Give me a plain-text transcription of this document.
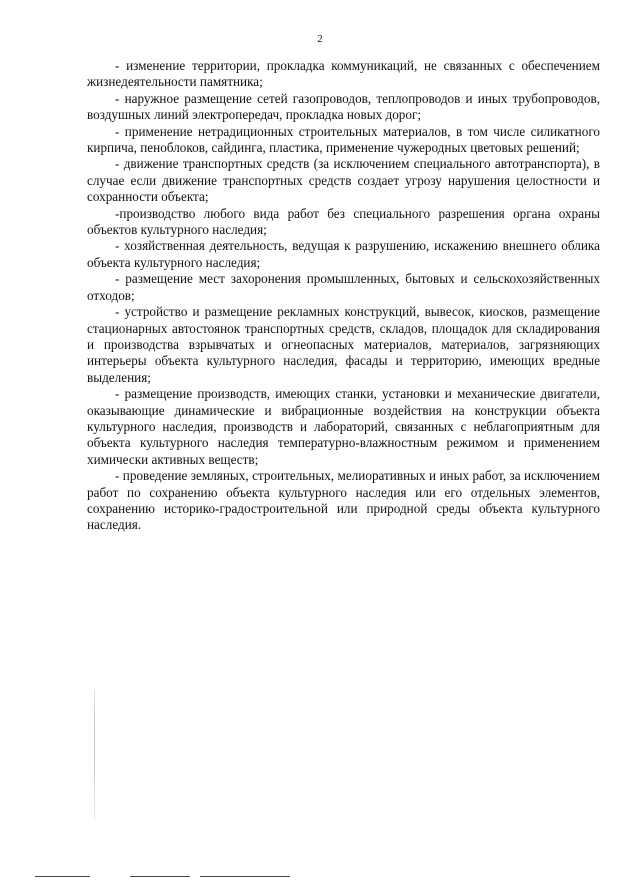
2

- изменение территории, прокладка коммуникаций, не связанных с обеспечением жизнедеятельности памятника;

- наружное размещение сетей газопроводов, теплопроводов и иных трубопроводов, воздушных линий электропередач, прокладка новых дорог;

- применение нетрадиционных строительных материалов, в том числе силикатного кирпича, пеноблоков, сайдинга, пластика, применение чужеродных цветовых решений;

- движение транспортных средств (за исключением специального автотранспорта), в случае если движение транспортных средств создает угрозу нарушения целостности и сохранности объекта;

-производство любого вида работ без специального разрешения органа охраны объектов культурного наследия;

- хозяйственная деятельность, ведущая к разрушению, искажению внешнего облика объекта культурного наследия;

- размещение мест захоронения промышленных, бытовых и сельскохозяйственных отходов;

- устройство и размещение рекламных конструкций, вывесок, киосков, размещение стационарных автостоянок транспортных средств, складов, площадок для складирования и производства взрывчатых и огнеопасных материалов, материалов, загрязняющих интерьеры объекта культурного наследия, фасады и территорию, имеющих вредные выделения;

- размещение производств, имеющих станки, установки и механические двигатели, оказывающие динамические и вибрационные воздействия на конструкции объекта культурного наследия, производств и лабораторий, связанных с неблагоприятным для объекта культурного наследия температурно-влажностным режимом и применением химически активных веществ;

- проведение земляных, строительных, мелиоративных и иных работ, за исключением работ по сохранению объекта культурного наследия или его отдельных элементов, сохранению историко-градостроительной или природной среды объекта культурного наследия.
